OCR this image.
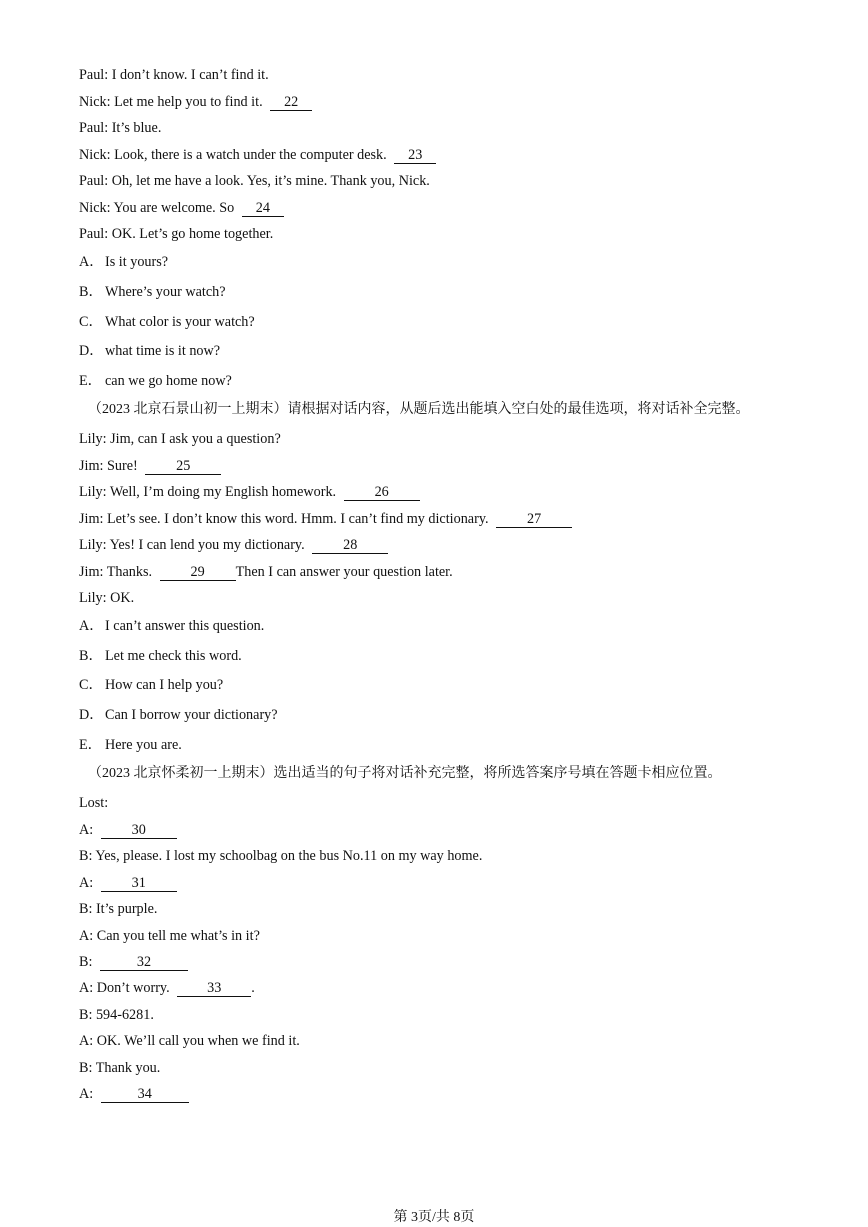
Paul: I don’t know. I can’t find it.
Nick: Let me help you to find it. 22
Paul: It’s blue.
Nick: Look, there is a watch under the computer desk. 23
Paul: Oh, let me have a look. Yes, it’s mine. Thank you, Nick.
Nick: You are welcome. So 24
Paul: OK. Let’s go home together.
A． Is it yours?
B． Where’s your watch?
C． What color is your watch?
D． what time is it now?
E． can we go home now?
（2023 北京石景山初一上期末）请根据对话内容，从题后选出能填入空白处的最佳选项，将对话补全完整。
Lily: Jim, can I ask you a question?
Jim: Sure! 25
Lily: Well, I’m doing my English homework. 26
Jim: Let’s see. I don’t know this word. Hmm. I can’t find my dictionary. 27
Lily: Yes! I can lend you my dictionary. 28
Jim: Thanks. 29 Then I can answer your question later.
Lily: OK.
A． I can’t answer this question.
B． Let me check this word.
C． How can I help you?
D． Can I borrow your dictionary?
E． Here you are.
（2023 北京怀柔初一上期末）选出适当的句子将对话补充完整，将所选答案序号填在答题卡相应位置。
Lost:
A: 30
B: Yes, please. I lost my schoolbag on the bus No.11 on my way home.
A: 31
B: It’s purple.
A: Can you tell me what’s in it?
B:	32
A: Don’t worry. 33 .
B: 594-6281.
A: OK. We’ll call you when we find it.
B: Thank you.
A:	34
第 3页/共 8页
